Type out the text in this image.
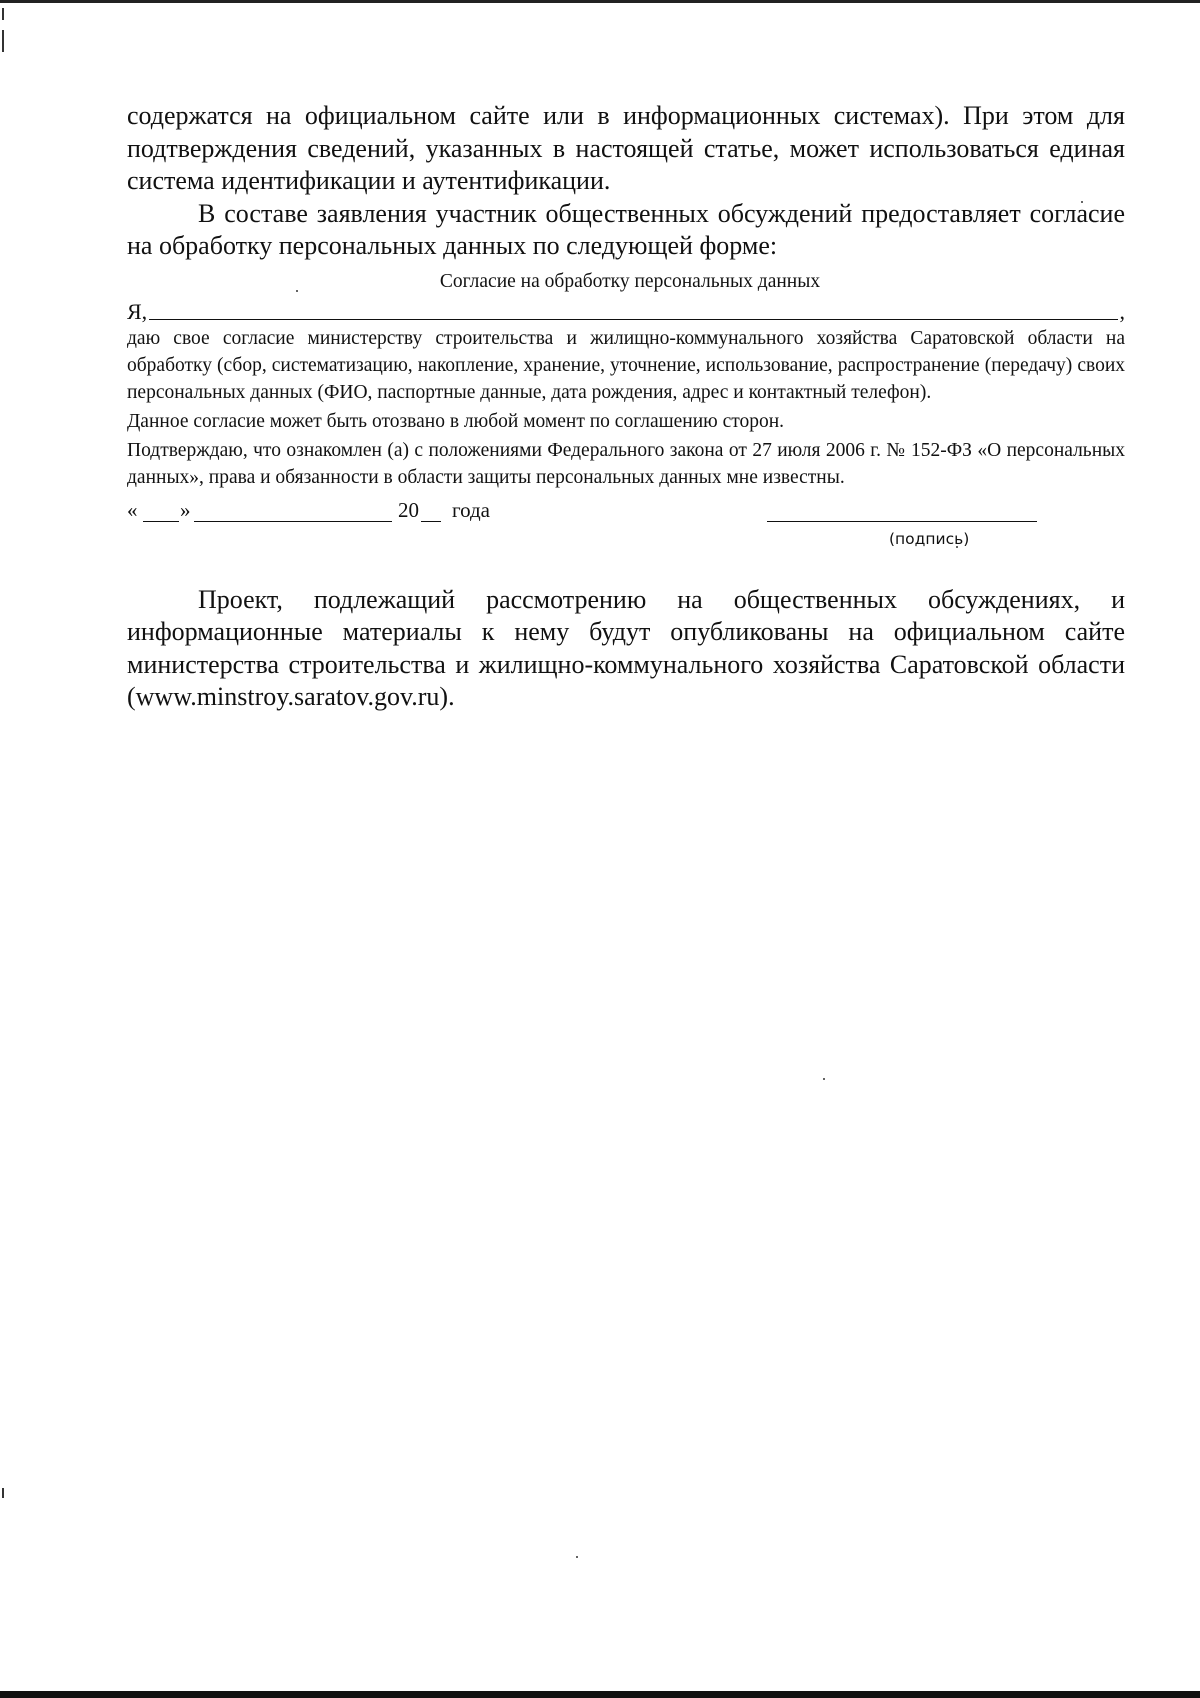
содержатся на официальном сайте или в информационных системах). При этом для подтверждения сведений, указанных в настоящей статье, может использоваться единая система идентификации и аутентификации.

В составе заявления участник общественных обсуждений предоставляет согласие на обработку персональных данных по следующей форме:

Согласие на обработку персональных данных
Я,	,

даю свое согласие министерству строительства и жилищно-коммунального хозяйства Саратовской области на обработку (сбор, систематизацию, накопление, хранение, уточнение, использование, распространение (передачу) своих персональных данных (ФИО, паспортные данные, дата рождения, адрес и контактный телефон).

Данное согласие может быть отозвано в любой момент по соглашению сторон.

Подтверждаю, что ознакомлен (а) с положениями Федерального закона от 27 июля 2006 г. № 152-ФЗ «О персональных данных», права и обязанности в области защиты персональных данных мне известны.

« »	20 года
(подпись)

Проект, подлежащий рассмотрению на общественных обсуждениях, и информационные материалы к нему будут опубликованы на официальном сайте министерства строительства и жилищно-коммунального хозяйства Саратовской области (www.minstroy.saratov.gov.ru).
